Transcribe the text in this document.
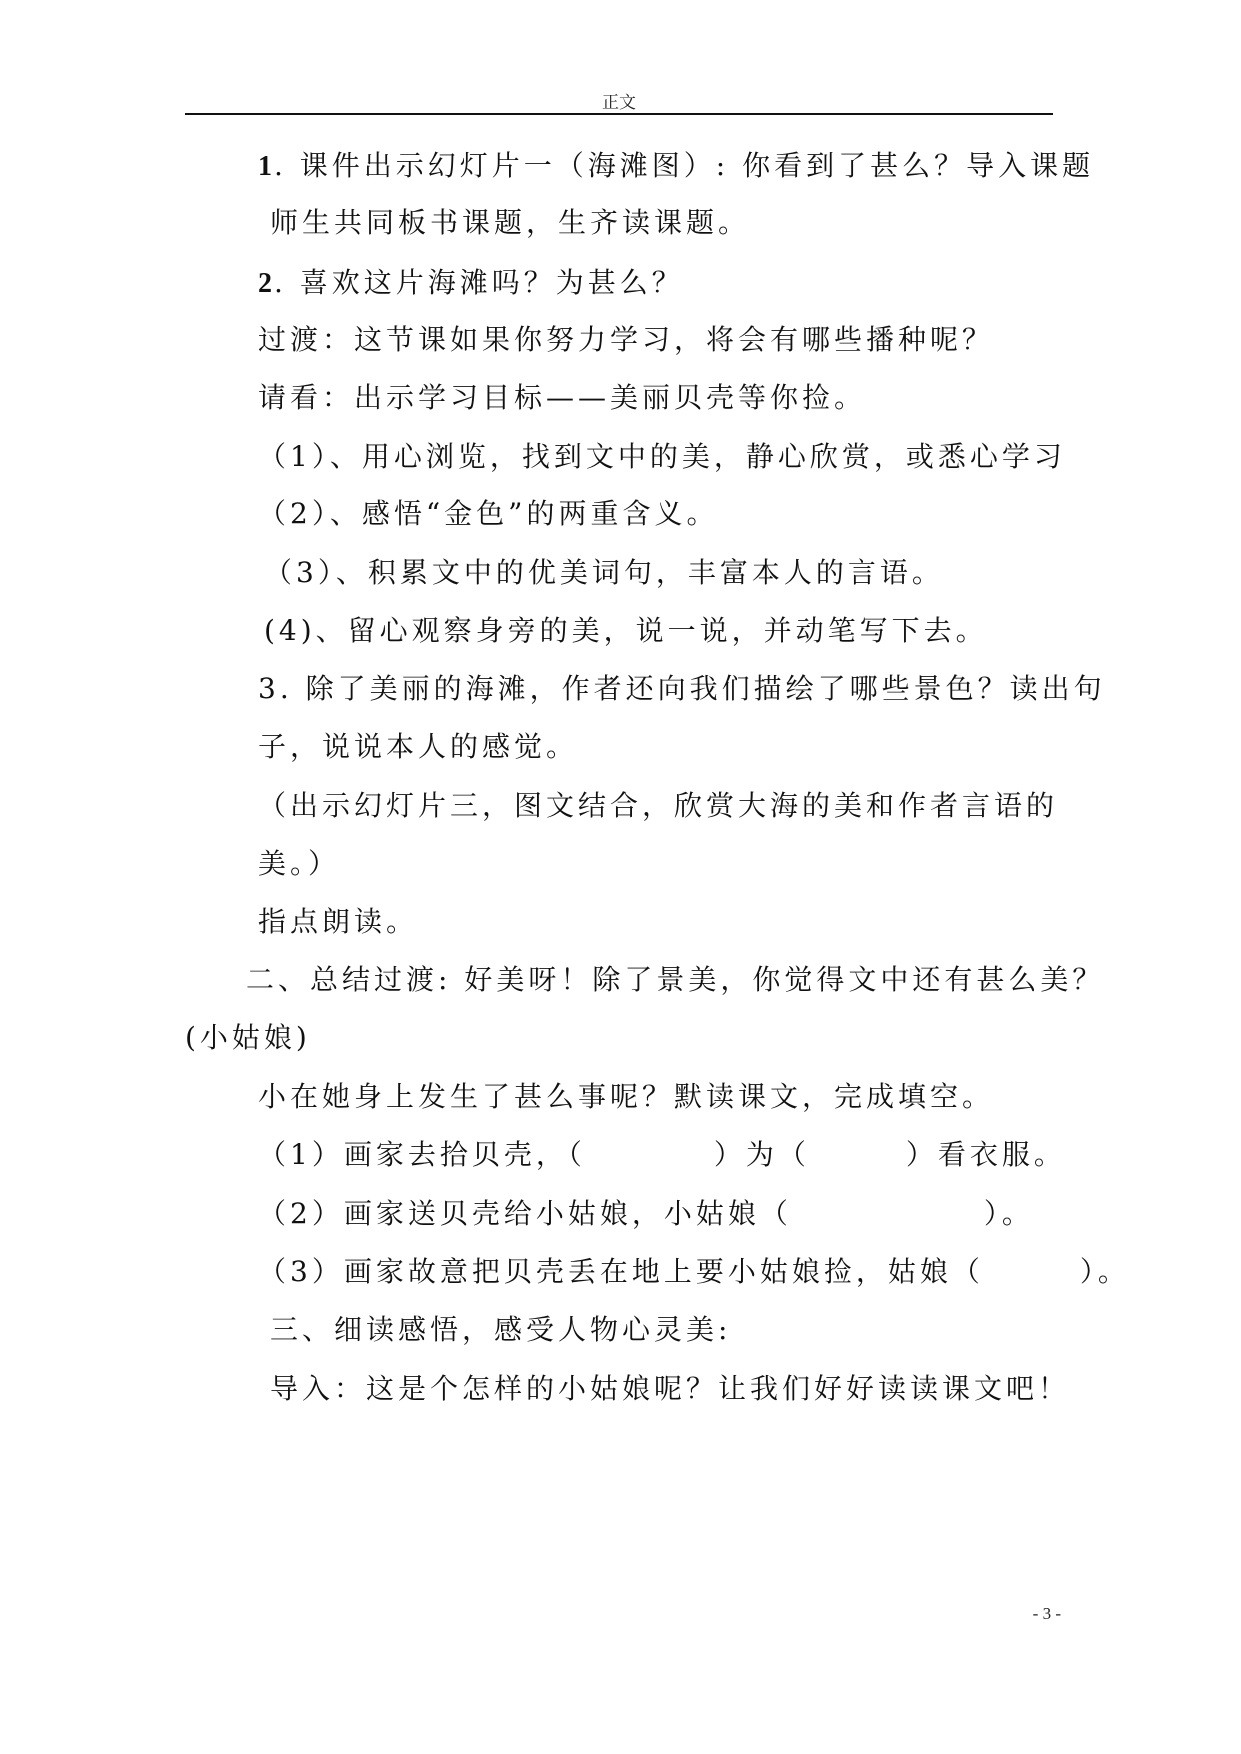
正文
1. 课件出示幻灯片一（海滩图）: 你看到了甚么？导入课题
师生共同板书课题，生齐读课题。
2. 喜欢这片海滩吗？为甚么？
过渡：这节课如果你努力学习，将会有哪些播种呢？
请看：出示学习目标——美丽贝壳等你捡。
（1）、用心浏览，找到文中的美，静心欣赏，或悉心学习
（2）、感悟“金色”的两重含义。
（3）、积累文中的优美词句，丰富本人的言语。
(4)、留心观察身旁的美，说一说，并动笔写下去。
3. 除了美丽的海滩，作者还向我们描绘了哪些景色？读出句
子，说说本人的感觉。
（出示幻灯片三，图文结合，欣赏大海的美和作者言语的
美。）
指点朗读。
二、总结过渡: 好美呀！除了景美，你觉得文中还有甚么美？
(小姑娘)
小在她身上发生了甚么事呢？默读课文，完成填空。
（1）画家去拾贝壳，（　　　　）为（　　　）看衣服。
（2）画家送贝壳给小姑娘，小姑娘（　　　　　　）。
（3）画家故意把贝壳丢在地上要小姑娘捡，姑娘（　　　）。
三、细读感悟，感受人物心灵美:
导入：这是个怎样的小姑娘呢？让我们好好读读课文吧！
- 3 -
